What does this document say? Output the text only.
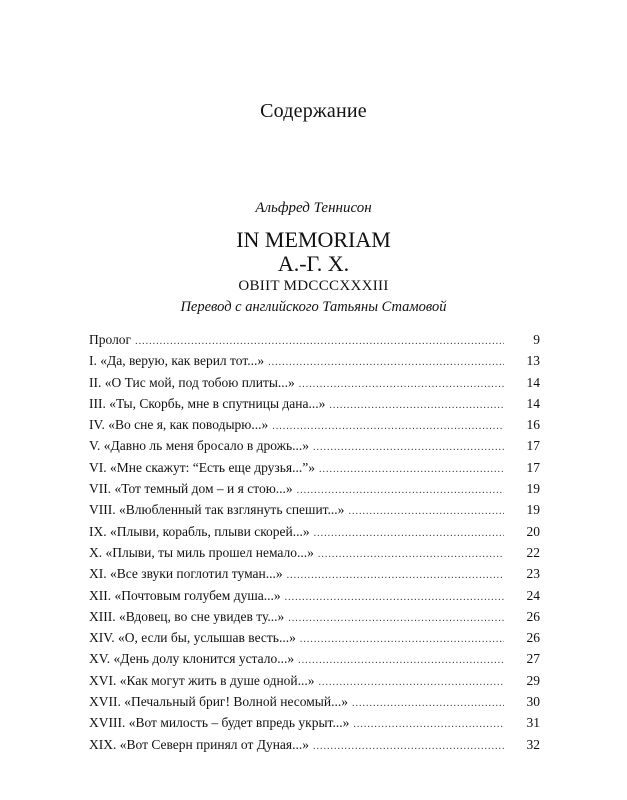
Содержание
Альфред Теннисон
IN MEMORIAM
А.-Г. Х.
OBIIT MDCCCXXXIII
Перевод с английского Татьяны Стамовой
Пролог .....	9
I. «Да, верую, как верил тот...» .....	13
II. «О Тис мой, под тобою плиты...» .....	14
III. «Ты, Скорбь, мне в спутницы дана...» .....	14
IV. «Во сне я, как поводырю...» .....	16
V. «Давно ль меня бросало в дрожь...» .....	17
VI. «Мне скажут: “Есть еще друзья...”» .....	17
VII. «Тот темный дом – и я стою...» .....	19
VIII. «Влюбленный так взглянуть спешит...» .....	19
IX. «Плыви, корабль, плыви скорей...» .....	20
X. «Плыви, ты миль прошел немало...» .....	22
XI. «Все звуки поглотил туман...» .....	23
XII. «Почтовым голубем душа...» .....	24
XIII. «Вдовец, во сне увидев ту...» .....	26
XIV. «О, если бы, услышав весть...» .....	26
XV. «День долу клонится устало...» .....	27
XVI. «Как могут жить в душе одной...» .....	29
XVII. «Печальный бриг! Волной несомый...» .....	30
XVIII. «Вот милость – будет впредь укрыт...» .....	31
XIX. «Вот Северн принял от Дуная...» .....	32
